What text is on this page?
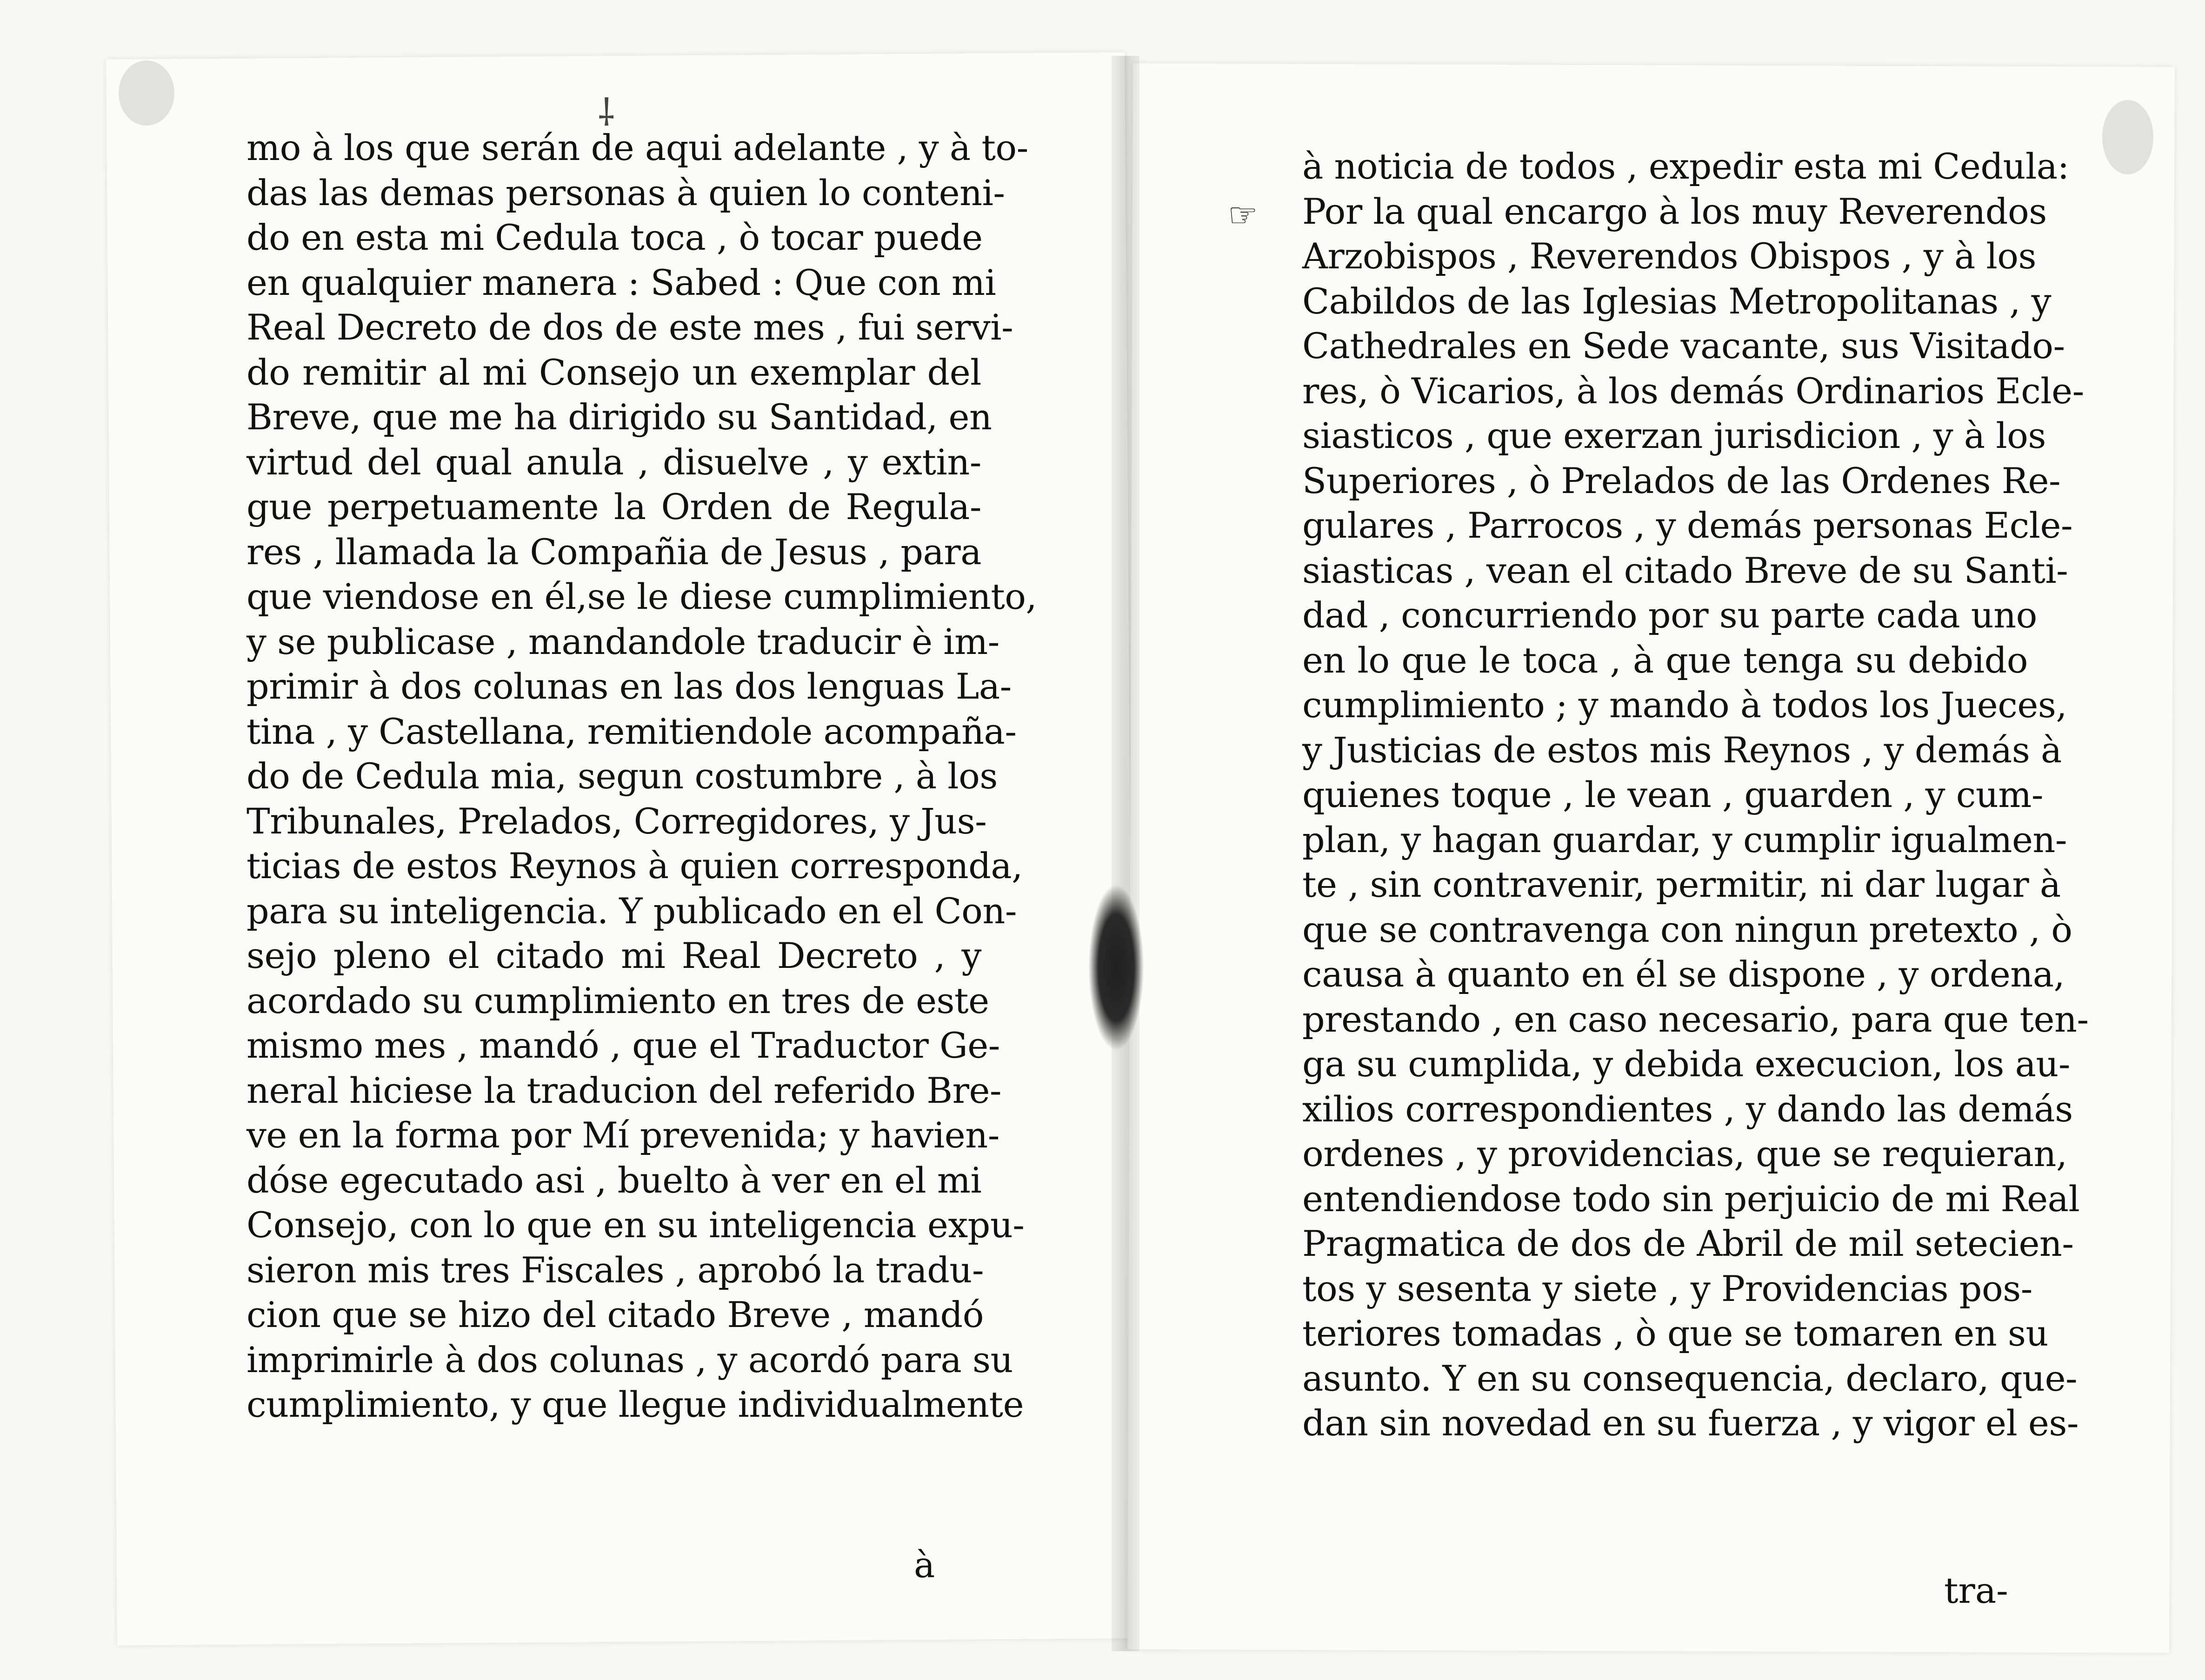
⸸
mo à los que serán de aqui adelante , y à to-
das las demas personas à quien lo conteni-
do en esta mi Cedula toca , ò tocar puede
en qualquier manera : Sabed : Que con mi
Real Decreto de dos de este mes , fui servi-
do remitir al mi Consejo un exemplar del
Breve, que me ha dirigido su Santidad, en
virtud del qual anula , disuelve , y extin-
gue perpetuamente la Orden de Regula-
res , llamada la Compañia de Jesus , para
que viendose en él,se le diese cumplimiento,
y se publicase , mandandole traducir è im-
primir à dos colunas en las dos lenguas La-
tina , y Castellana, remitiendole acompaña-
do de Cedula mia, segun costumbre , à los
Tribunales, Prelados, Corregidores, y Jus-
ticias de estos Reynos à quien corresponda,
para su inteligencia. Y publicado en el Con-
sejo pleno el citado mi Real Decreto , y
acordado su cumplimiento en tres de este
mismo mes , mandó , que el Traductor Ge-
neral hiciese la traducion del referido Bre-
ve en la forma por Mí prevenida; y havien-
dóse egecutado asi , buelto à ver en el mi
Consejo, con lo que en su inteligencia expu-
sieron mis tres Fiscales , aprobó la tradu-
cion que se hizo del citado Breve , mandó
imprimirle à dos colunas , y acordó para su
cumplimiento, y que llegue individualmente
à
☞
à noticia de todos , expedir esta mi Cedula:
Por la qual encargo à los muy Reverendos
Arzobispos , Reverendos Obispos , y à los
Cabildos de las Iglesias Metropolitanas , y
Cathedrales en Sede vacante, sus Visitado-
res, ò Vicarios, à los demás Ordinarios Ecle-
siasticos , que exerzan jurisdicion , y à los
Superiores , ò Prelados de las Ordenes Re-
gulares , Parrocos , y demás personas Ecle-
siasticas , vean el citado Breve de su Santi-
dad , concurriendo por su parte cada uno
en lo que le toca , à que tenga su debido
cumplimiento ; y mando à todos los Jueces,
y Justicias de estos mis Reynos , y demás à
quienes toque , le vean , guarden , y cum-
plan, y hagan guardar, y cumplir igualmen-
te , sin contravenir, permitir, ni dar lugar à
que se contravenga con ningun pretexto , ò
causa à quanto en él se dispone , y ordena,
prestando , en caso necesario, para que ten-
ga su cumplida, y debida execucion, los au-
xilios correspondientes , y dando las demás
ordenes , y providencias, que se requieran,
entendiendose todo sin perjuicio de mi Real
Pragmatica de dos de Abril de mil setecien-
tos y sesenta y siete , y Providencias pos-
teriores tomadas , ò que se tomaren en su
asunto. Y en su consequencia, declaro, que-
dan sin novedad en su fuerza , y vigor el es-
tra-
